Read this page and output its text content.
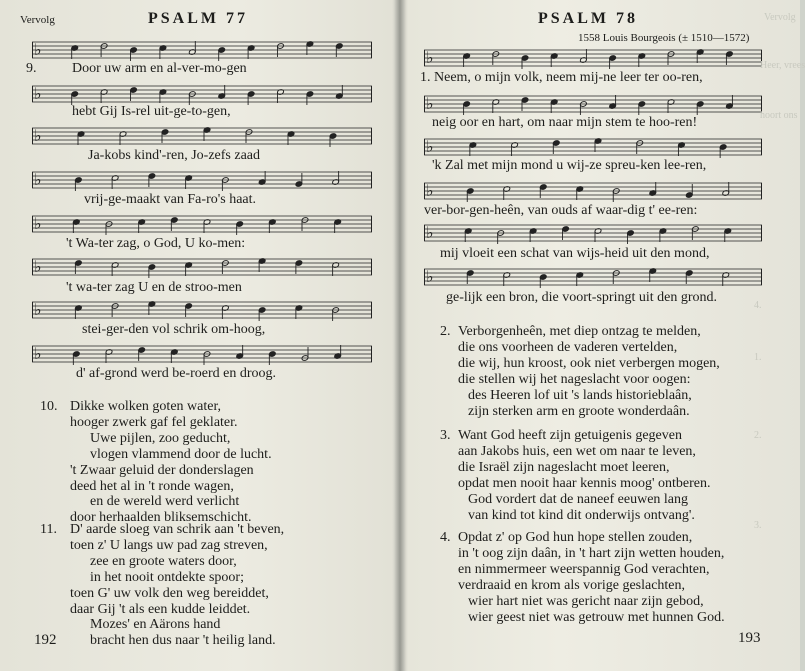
Vervolg	PSALM 77
♭
9.	Door uw arm en al-ver-mo-gen
♭
hebt Gij Is-rel uit-ge-to-gen,
♭
Ja-kobs kind'-ren, Jo-zefs zaad
♭
vrij-ge-maakt van Fa-ro's haat.
♭
't Wa-ter zag, o God, U ko-men:
♭
't wa-ter zag U en de stroo-men
♭
stei-ger-den vol schrik om-hoog,
♭
d' af-grond werd be-roerd en droog.
10. Dikke wolken goten water,
hooger zwerk gaf fel geklater.
Uwe pijlen, zoo geducht,
vlogen vlammend door de lucht.
't Zwaar geluid der donderslagen
deed het al in 't ronde wagen,
en de wereld werd verlicht
door herhaalden bliksemschicht.
11. D' aarde sloeg van schrik aan 't beven,
toen z' U langs uw pad zag streven,
zee en groote waters door,
in het nooit ontdekte spoor;
toen G' uw volk den weg bereiddet,
daar Gij 't als een kudde leiddet.
Mozes' en Aärons hand
bracht hen dus naar 't heilig land.
192
PSALM 78
1558 Louis Bourgeois (± 1510—1572)
♭
1. Neem, o mijn volk, neem mij-ne leer ter oo-ren,
♭
neig oor en hart, om naar mijn stem te hoo-ren!
♭
'k Zal met mijn mond u wij-ze spreu-ken lee-ren,
♭
ver-bor-gen-heên, van ouds af waar-dig t' ee-ren:
♭
mij vloeit een schat van wijs-heid uit den mond,
♭
ge-lijk een bron, die voort-springt uit den grond.
2. Verborgenheên, met diep ontzag te melden,
die ons voorheen de vaderen vertelden,
die wij, hun kroost, ook niet verbergen mogen,
die stellen wij het nageslacht voor oogen:
des Heeren lof uit 's lands historieblaân,
zijn sterken arm en groote wonderdaân.
3. Want God heeft zijn getuigenis gegeven
aan Jakobs huis, een wet om naar te leven,
die Israël zijn nageslacht moet leeren,
opdat men nooit haar kennis moog' ontberen.
God vordert dat de naneef eeuwen lang
van kind tot kind dit onderwijs ontvang'.
4. Opdat z' op God hun hope stellen zouden,
in 't oog zijn daân, in 't hart zijn wetten houden,
en nimmermeer weerspannig God verachten,
verdraaid en krom als vorige geslachten,
wier hart niet was gericht naar zijn gebod,
wier geest niet was getrouw met hunnen God.
193
Vervolg
Heer, vrees
hoort ons
4.
1.
2.
3.
